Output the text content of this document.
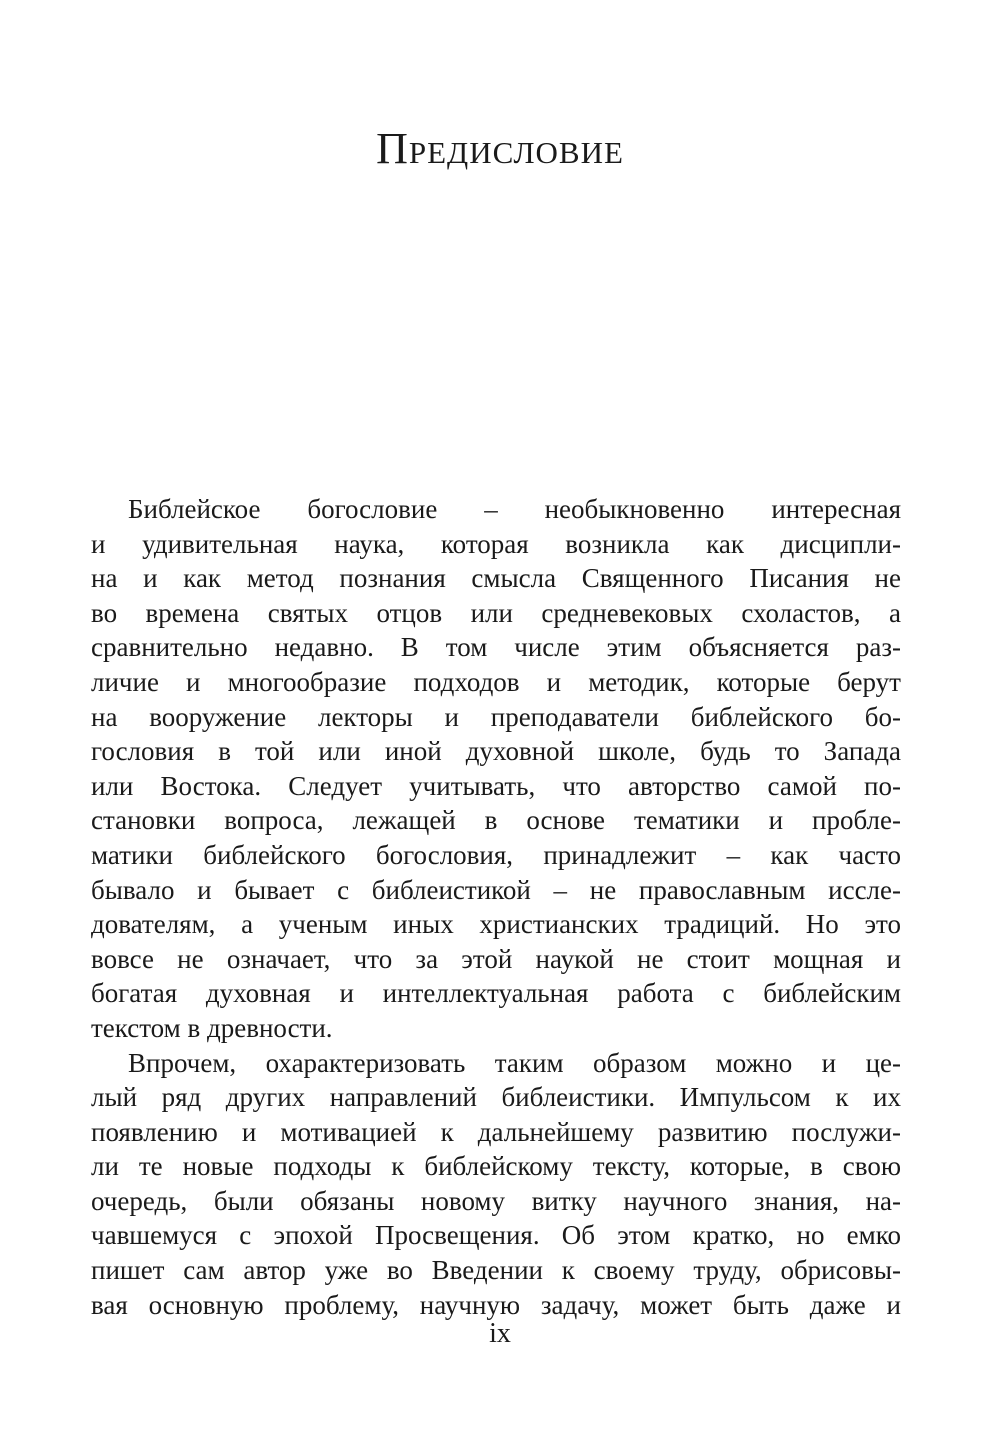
Предисловие
Библейское богословие – необыкновенно интересная
и удивительная наука, которая возникла как дисципли-
на и как метод познания смысла Священного Писания не
во времена святых отцов или средневековых схоластов, а
сравнительно недавно. В том числе этим объясняется раз-
личие и многообразие подходов и методик, которые берут
на вооружение лекторы и преподаватели библейского бо-
гословия в той или иной духовной школе, будь то Запада
или Востока. Следует учитывать, что авторство самой по-
становки вопроса, лежащей в основе тематики и пробле-
матики библейского богословия, принадлежит – как часто
бывало и бывает с библеистикой – не православным иссле-
дователям, а ученым иных христианских традиций. Но это
вовсе не означает, что за этой наукой не стоит мощная и
богатая духовная и интеллектуальная работа с библейским
текстом в древности.
Впрочем, охарактеризовать таким образом можно и це-
лый ряд других направлений библеистики. Импульсом к их
появлению и мотивацией к дальнейшему развитию послужи-
ли те новые подходы к библейскому тексту, которые, в свою
очередь, были обязаны новому витку научного знания, на-
чавшемуся с эпохой Просвещения. Об этом кратко, но емко
пишет сам автор уже во Введении к своему труду, обрисовы-
вая основную проблему, научную задачу, может быть даже и
ix
